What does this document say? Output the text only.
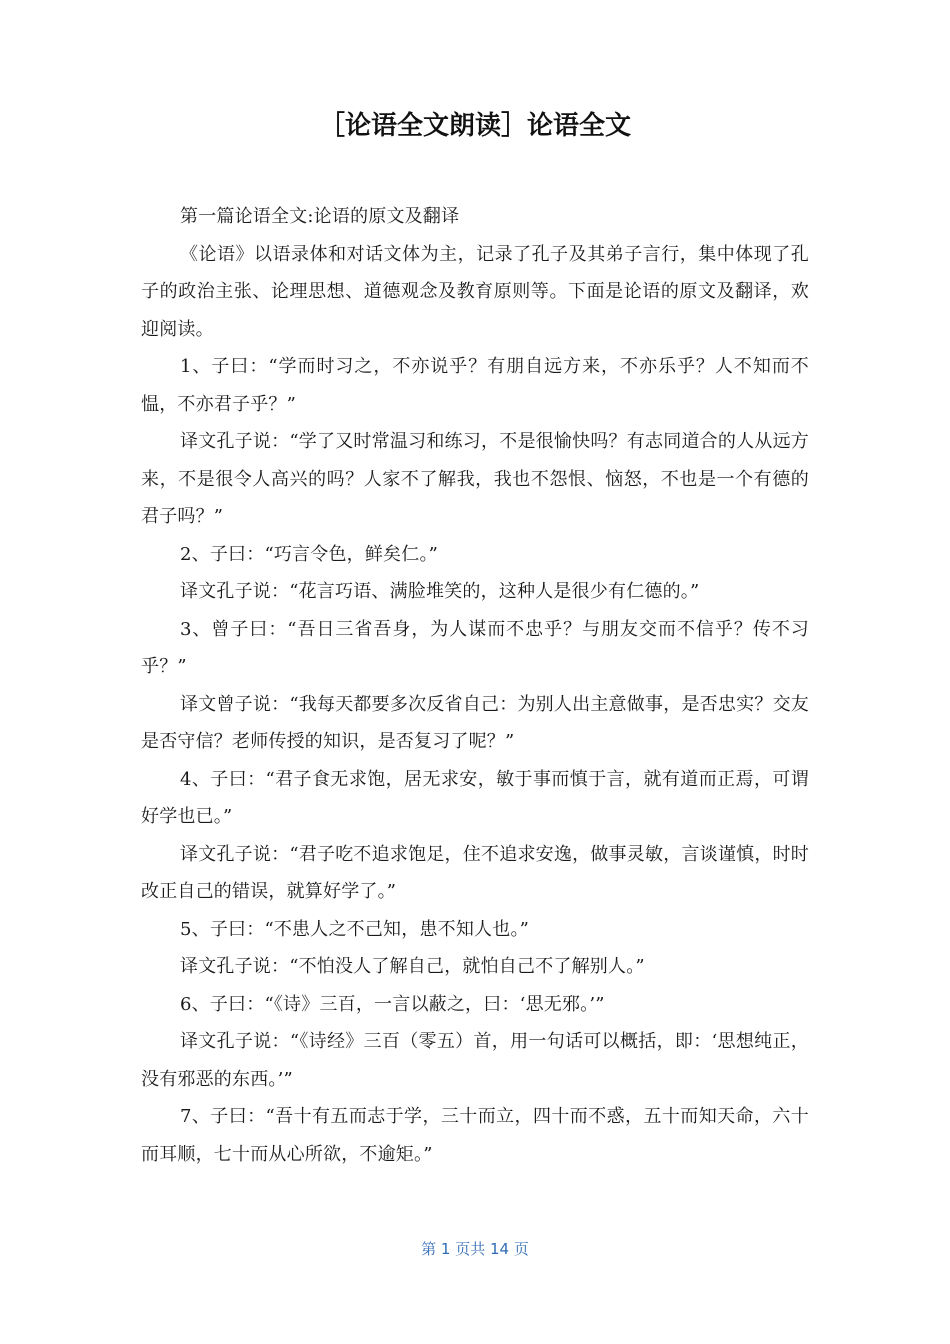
［论语全文朗读］论语全文

第一篇论语全文:论语的原文及翻译

《论语》以语录体和对话文体为主，记录了孔子及其弟子言行，集中体现了孔子的政治主张、论理思想、道德观念及教育原则等。下面是论语的原文及翻译，欢迎阅读。

1、子曰：“学而时习之，不亦说乎？有朋自远方来，不亦乐乎？人不知而不愠，不亦君子乎？”

译文孔子说：“学了又时常温习和练习，不是很愉快吗？有志同道合的人从远方来，不是很令人高兴的吗？人家不了解我，我也不怨恨、恼怒，不也是一个有德的君子吗？”

2、子曰：“巧言令色，鲜矣仁。”

译文孔子说：“花言巧语、满脸堆笑的，这种人是很少有仁德的。”

3、曾子曰：“吾日三省吾身，为人谋而不忠乎？与朋友交而不信乎？传不习乎？”

译文曾子说：“我每天都要多次反省自己：为别人出主意做事，是否忠实？交友是否守信？老师传授的知识，是否复习了呢？”

4、子曰：“君子食无求饱，居无求安，敏于事而慎于言，就有道而正焉，可谓好学也已。”

译文孔子说：“君子吃不追求饱足，住不追求安逸，做事灵敏，言谈谨慎，时时改正自己的错误，就算好学了。”

5、子曰：“不患人之不己知，患不知人也。”

译文孔子说：“不怕没人了解自己，就怕自己不了解别人。”

6、子曰：“《诗》三百，一言以蔽之，曰：‘思无邪。’”

译文孔子说：“《诗经》三百（零五）首，用一句话可以概括，即：‘思想纯正，没有邪恶的东西。’”

7、子曰：“吾十有五而志于学，三十而立，四十而不惑，五十而知天命，六十而耳顺，七十而从心所欲，不逾矩。”

第 1 页共 14 页
